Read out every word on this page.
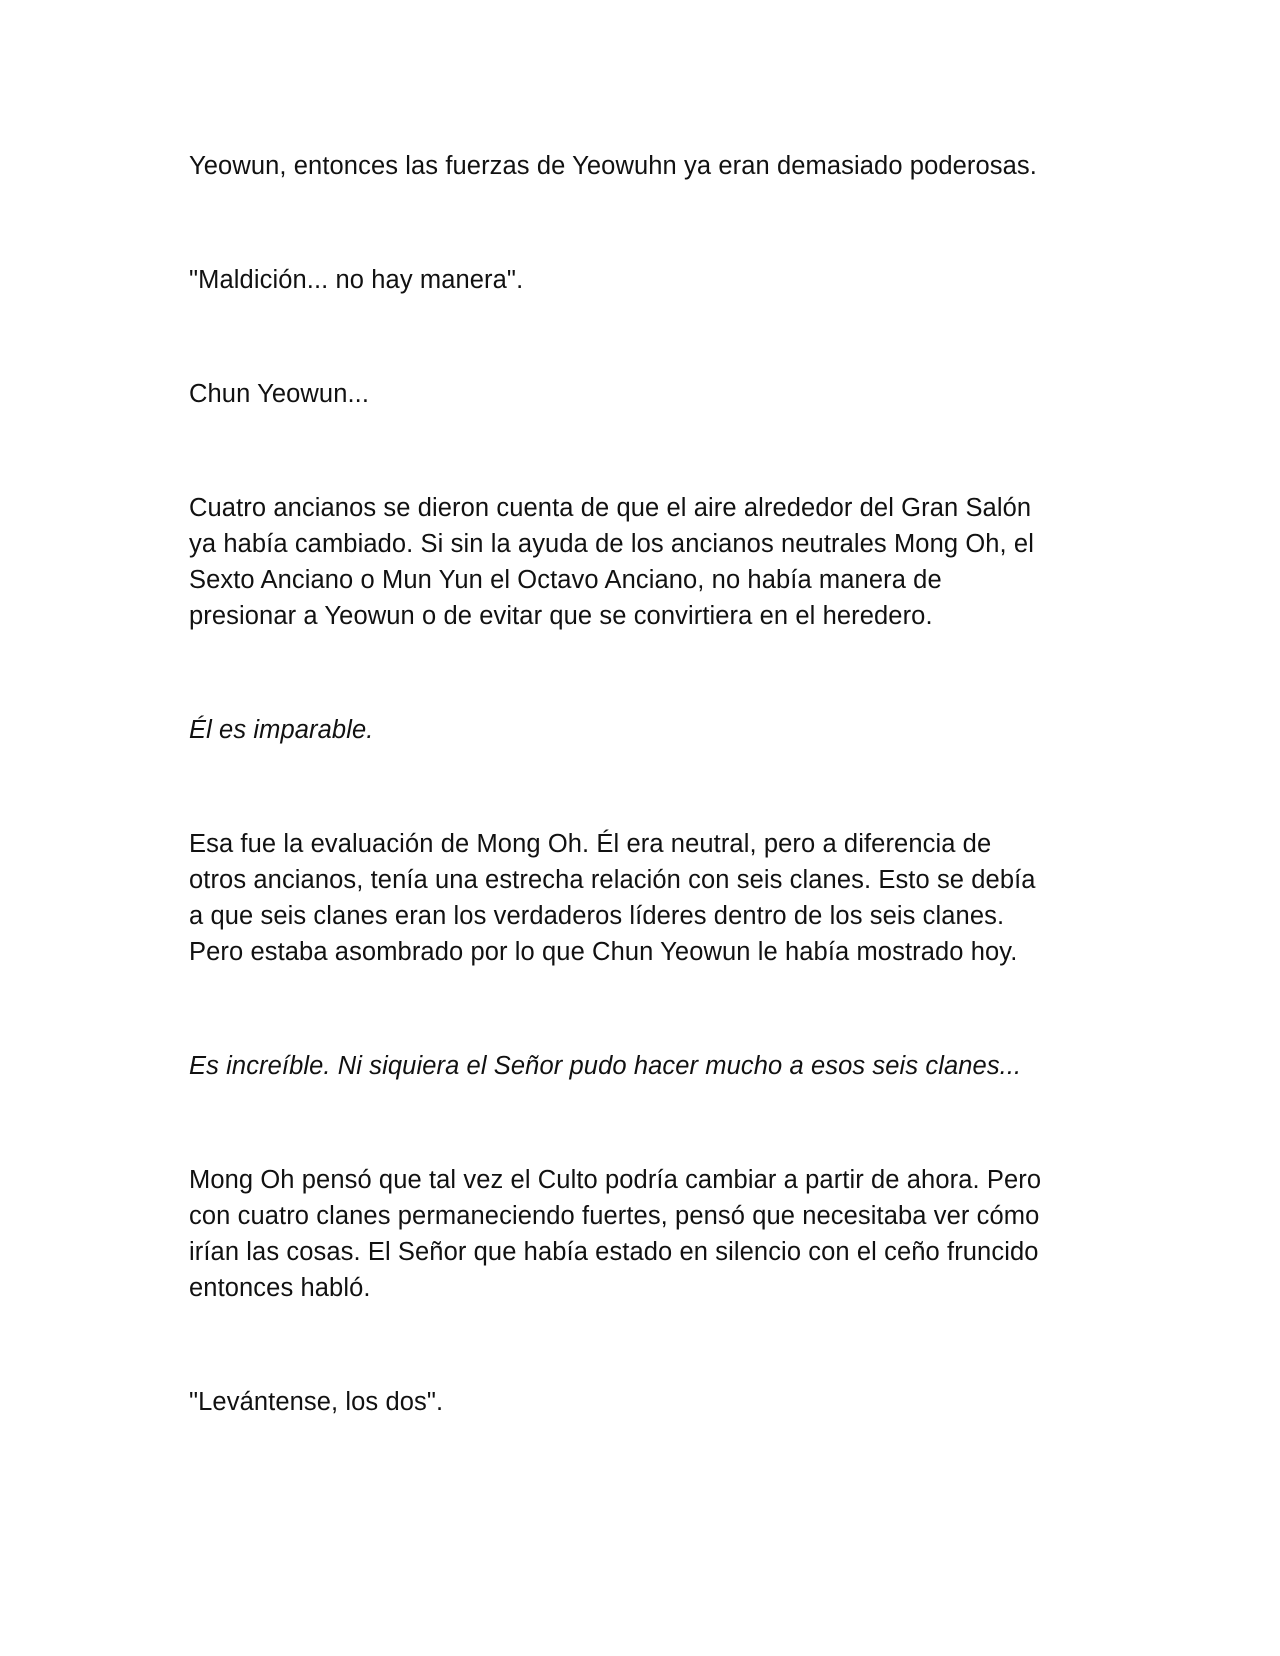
Yeowun, entonces las fuerzas de Yeowuhn ya eran demasiado poderosas.

"Maldición... no hay manera".

Chun Yeowun...

Cuatro ancianos se dieron cuenta de que el aire alrededor del Gran Salón
ya había cambiado. Si sin la ayuda de los ancianos neutrales Mong Oh, el
Sexto Anciano o Mun Yun el Octavo Anciano, no había manera de
presionar a Yeowun o de evitar que se convirtiera en el heredero.

Él es imparable.

Esa fue la evaluación de Mong Oh. Él era neutral, pero a diferencia de
otros ancianos, tenía una estrecha relación con seis clanes. Esto se debía
a que seis clanes eran los verdaderos líderes dentro de los seis clanes.
Pero estaba asombrado por lo que Chun Yeowun le había mostrado hoy.

Es increíble. Ni siquiera el Señor pudo hacer mucho a esos seis clanes...

Mong Oh pensó que tal vez el Culto podría cambiar a partir de ahora. Pero
con cuatro clanes permaneciendo fuertes, pensó que necesitaba ver cómo
irían las cosas. El Señor que había estado en silencio con el ceño fruncido
entonces habló.

"Levántense, los dos".
